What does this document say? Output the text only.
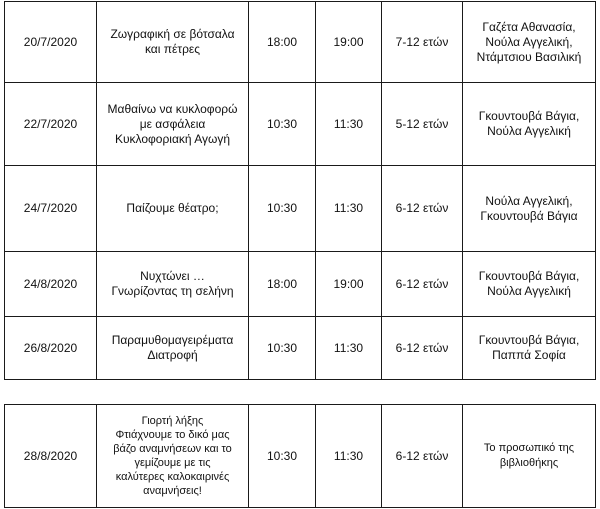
20/7/2020	Ζωγραφική σε βότσαλα
και πέτρες	18:00	19:00	7-12 ετών	Γαζέτα Αθανασία,
Νούλα Αγγελική,
Ντάμτσιου Βασιλική
22/7/2020	Μαθαίνω να κυκλοφορώ
με ασφάλεια
Κυκλοφοριακή Αγωγή	10:30	11:30	5-12 ετών	Γκουντουβά Βάγια,
Νούλα Αγγελική
24/7/2020	Παίζουμε θέατρο;	10:30	11:30	6-12 ετών	Νούλα Αγγελική,
Γκουντουβά Βάγια
24/8/2020	Νυχτώνει …
Γνωρίζοντας τη σελήνη	18:00	19:00	6-12 ετών	Γκουντουβά Βάγια,
Νούλα Αγγελική
26/8/2020	Παραμυθομαγειρέματα
Διατροφή	10:30	11:30	6-12 ετών	Γκουντουβά Βάγια,
Παππά Σοφία
28/8/2020	Γιορτή λήξης
Φτιάχνουμε το δικό μας
βάζο αναμνήσεων και το
γεμίζουμε με τις
καλύτερες καλοκαιρινές
αναμνήσεις!	10:30	11:30	6-12 ετών	Το προσωπικό της
βιβλιοθήκης
